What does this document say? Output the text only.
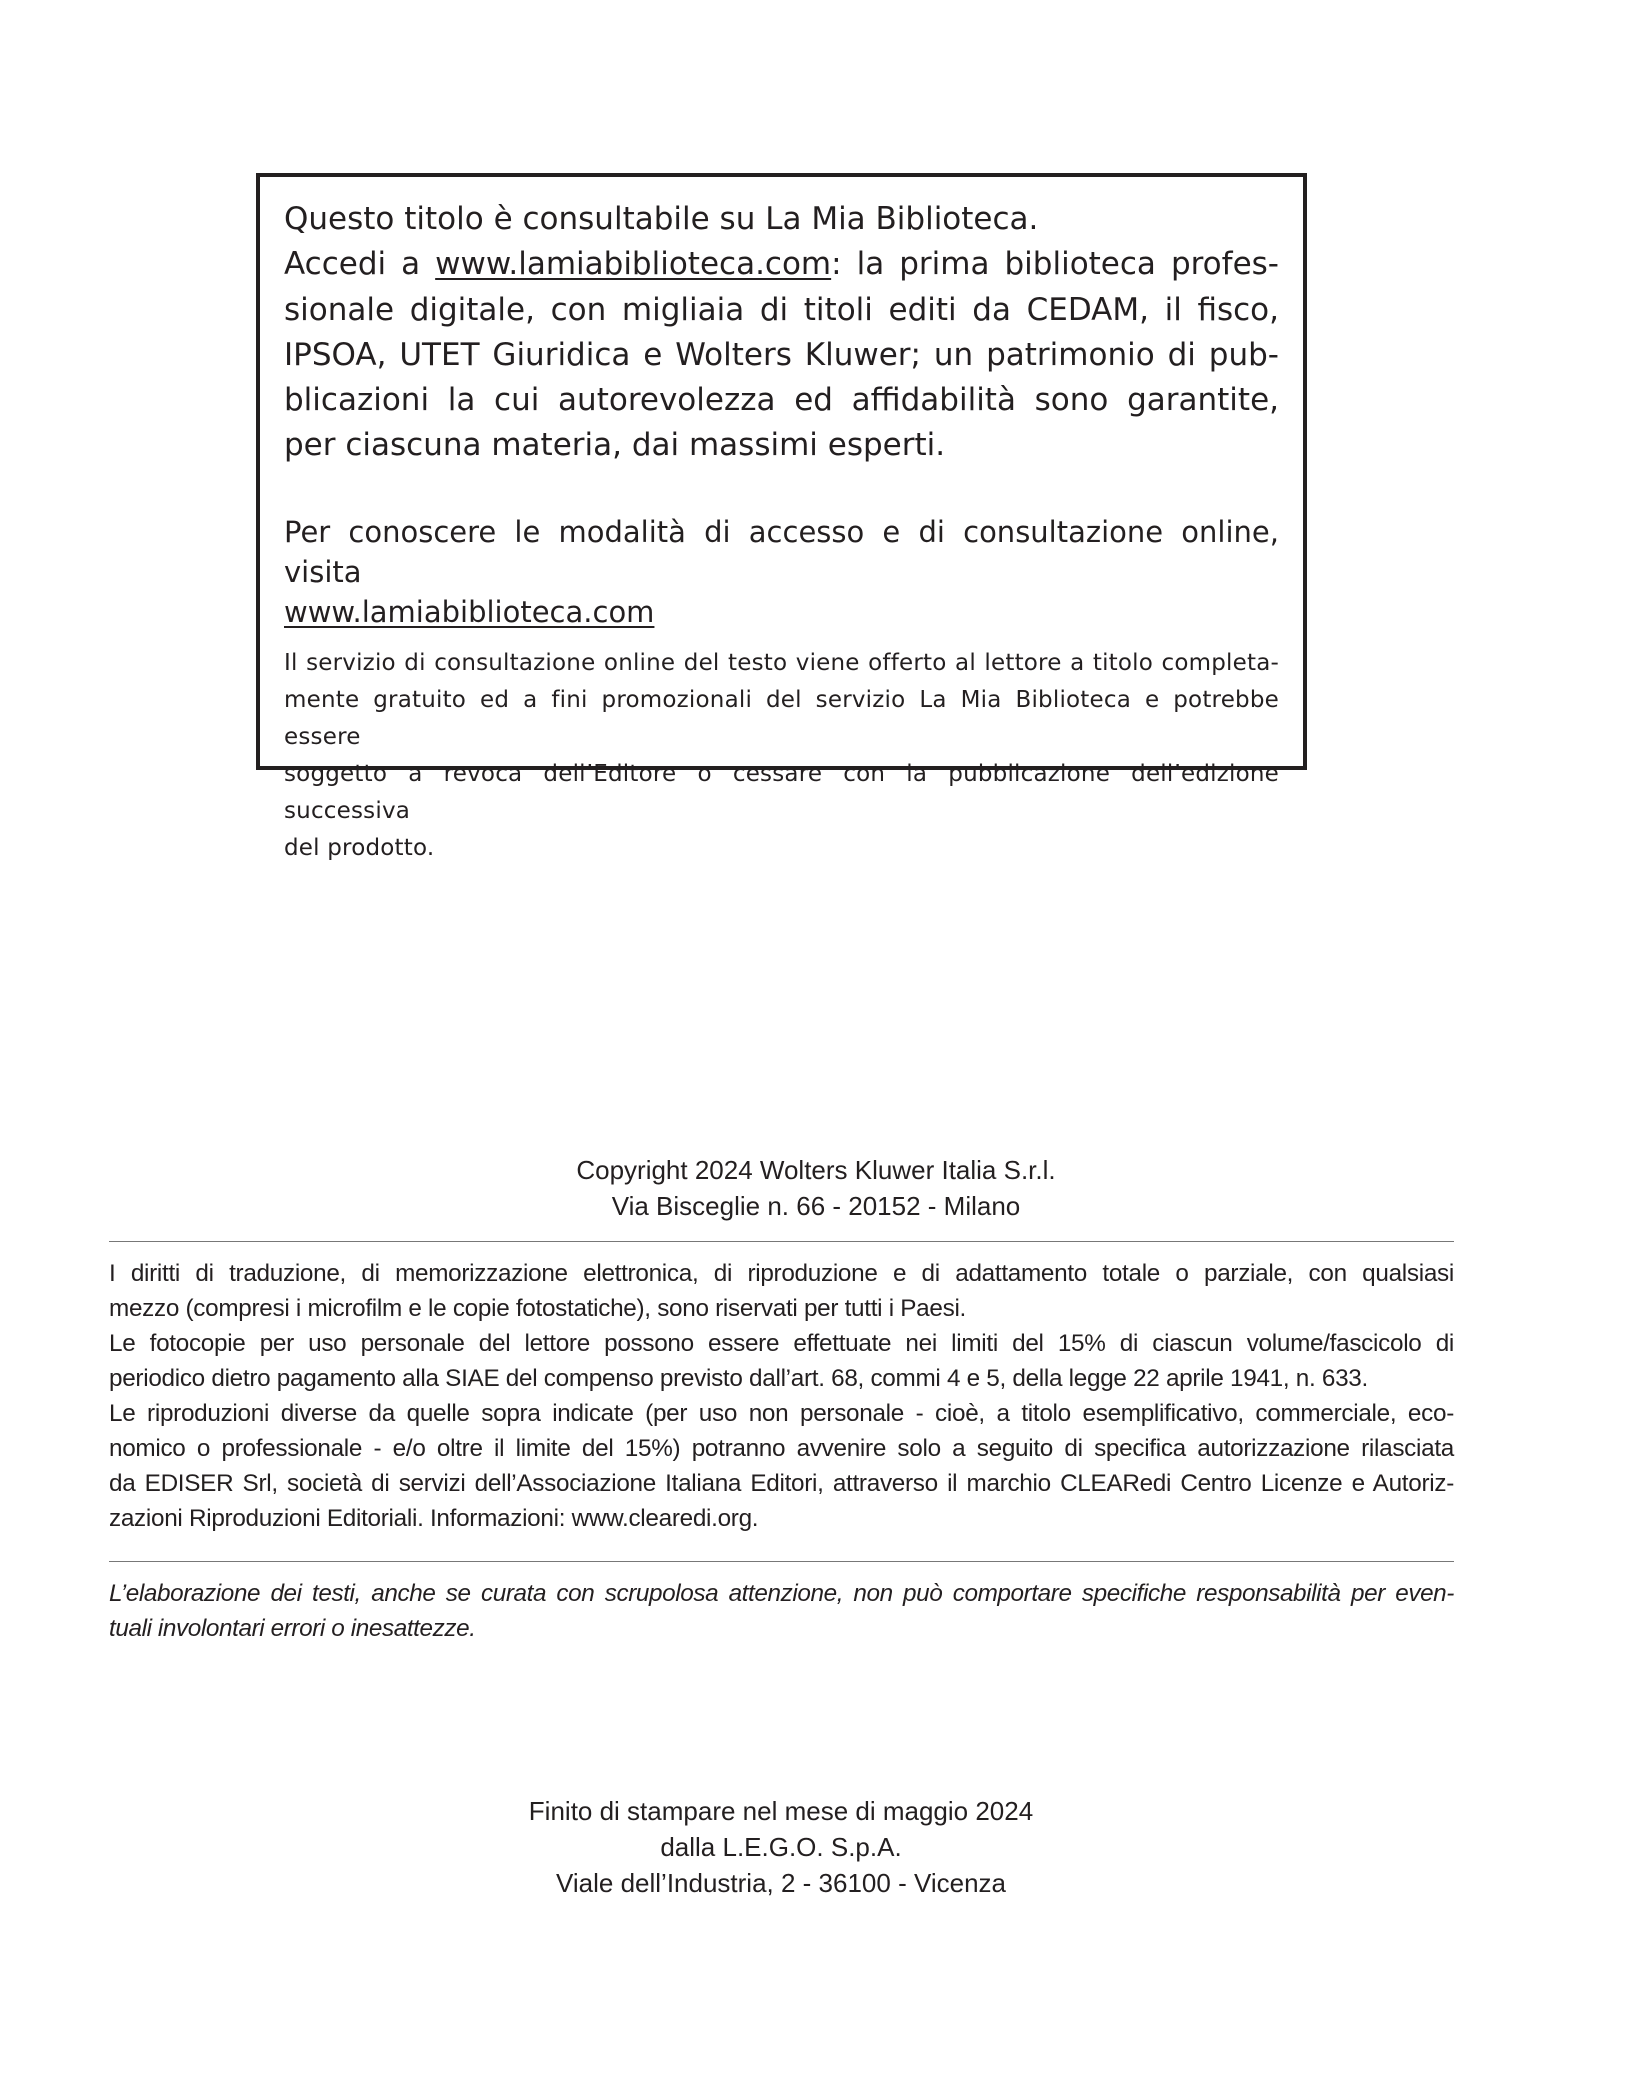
Questo titolo è consultabile su La Mia Biblioteca.
Accedi a www.lamiabiblioteca.com: la prima biblioteca profes-
sionale digitale, con migliaia di titoli editi da CEDAM, il fisco,
IPSOA, UTET Giuridica e Wolters Kluwer; un patrimonio di pub-
blicazioni la cui autorevolezza ed affidabilità sono garantite,
per ciascuna materia, dai massimi esperti.
Per conoscere le modalità di accesso e di consultazione online, visita
www.lamiabiblioteca.com
Il servizio di consultazione online del testo viene offerto al lettore a titolo completa-
mente gratuito ed a fini promozionali del servizio La Mia Biblioteca e potrebbe essere
soggetto a revoca dell’Editore o cessare con la pubblicazione dell’edizione successiva
del prodotto.
Copyright 2024 Wolters Kluwer Italia S.r.l.
Via Bisceglie n. 66 - 20152 - Milano
I diritti di traduzione, di memorizzazione elettronica, di riproduzione e di adattamento totale o parziale, con qualsiasi
mezzo (compresi i microfilm e le copie fotostatiche), sono riservati per tutti i Paesi.
Le fotocopie per uso personale del lettore possono essere effettuate nei limiti del 15% di ciascun volume/fascicolo di
periodico dietro pagamento alla SIAE del compenso previsto dall’art. 68, commi 4 e 5, della legge 22 aprile 1941, n. 633.
Le riproduzioni diverse da quelle sopra indicate (per uso non personale - cioè, a titolo esemplificativo, commerciale, eco-
nomico o professionale - e/o oltre il limite del 15%) potranno avvenire solo a seguito di specifica autorizzazione rilasciata
da EDISER Srl, società di servizi dell’Associazione Italiana Editori, attraverso il marchio CLEARedi Centro Licenze e Autoriz-
zazioni Riproduzioni Editoriali. Informazioni: www.clearedi.org.
L’elaborazione dei testi, anche se curata con scrupolosa attenzione, non può comportare specifiche responsabilità per even-
tuali involontari errori o inesattezze.
Finito di stampare nel mese di maggio 2024
dalla L.E.G.O. S.p.A.
Viale dell’Industria, 2 - 36100 - Vicenza
